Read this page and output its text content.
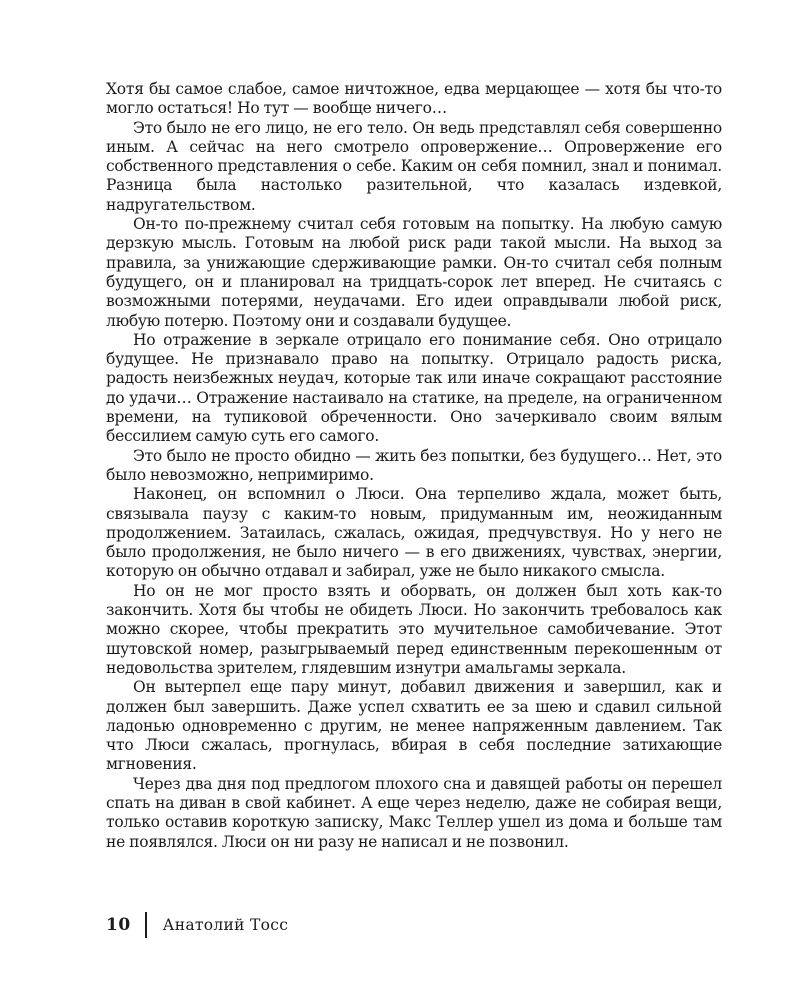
Хотя бы самое слабое, самое ничтожное, едва мерцающее — хотя бы что-то могло остаться! Но тут — вообще ничего…

Это было не его лицо, не его тело. Он ведь представлял себя совершенно иным. А сейчас на него смотрело опровержение… Опровержение его собственного представления о себе. Каким он себя помнил, знал и понимал. Разница была настолько разительной, что казалась издевкой, надругательством.

Он-то по-прежнему считал себя готовым на попытку. На любую самую дерзкую мысль. Готовым на любой риск ради такой мысли. На выход за правила, за унижающие сдерживающие рамки. Он-то считал себя полным будущего, он и планировал на тридцать-сорок лет вперед. Не считаясь с возможными потерями, неудачами. Его идеи оправдывали любой риск, любую потерю. Поэтому они и создавали будущее.

Но отражение в зеркале отрицало его понимание себя. Оно отрицало будущее. Не признавало право на попытку. Отрицало радость риска, радость неизбежных неудач, которые так или иначе сокращают расстояние до удачи… Отражение настаивало на статике, на пределе, на ограниченном времени, на тупиковой обреченности. Оно зачеркивало своим вялым бессилием самую суть его самого.

Это было не просто обидно — жить без попытки, без будущего… Нет, это было невозможно, непримиримо.

Наконец, он вспомнил о Люси. Она терпеливо ждала, может быть, связывала паузу с каким-то новым, придуманным им, неожиданным продолжением. Затаилась, сжалась, ожидая, предчувствуя. Но у него не было продолжения, не было ничего — в его движениях, чувствах, энергии, которую он обычно отдавал и забирал, уже не было никакого смысла.

Но он не мог просто взять и оборвать, он должен был хоть как-то закончить. Хотя бы чтобы не обидеть Люси. Но закончить требовалось как можно скорее, чтобы прекратить это мучительное самобичевание. Этот шутовской номер, разыгрываемый перед единственным перекошенным от недовольства зрителем, глядевшим изнутри амальгамы зеркала.

Он вытерпел еще пару минут, добавил движения и завершил, как и должен был завершить. Даже успел схватить ее за шею и сдавил сильной ладонью одновременно с другим, не менее напряженным давлением. Так что Люси сжалась, прогнулась, вбирая в себя последние затихающие мгновения.

Через два дня под предлогом плохого сна и давящей работы он перешел спать на диван в свой кабинет. А еще через неделю, даже не собирая вещи, только оставив короткую записку, Макс Теллер ушел из дома и больше там не появлялся. Люси он ни разу не написал и не позвонил.

10 Анатолий Тосс
